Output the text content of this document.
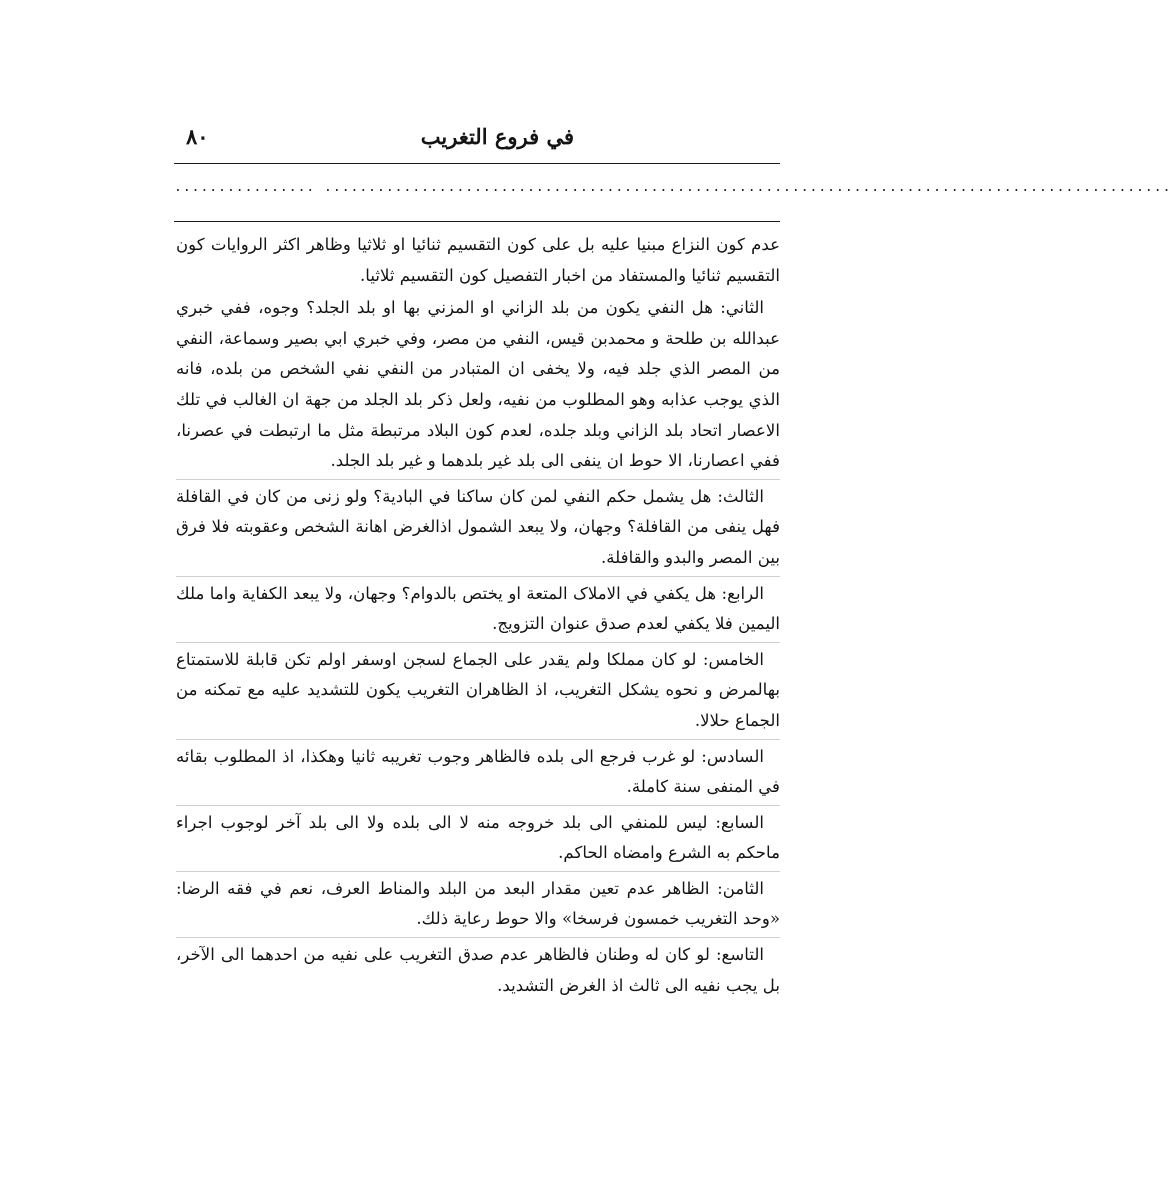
في فروع التغريب
٨٠
................ ................................................................................................

عدم كون النزاع مبنيا عليه بل على كون التقسيم ثنائيا او ثلاثيا وظاهر اكثر الروايات كون التقسيم ثنائيا والمستفاد من اخبار التفصيل كون التقسيم ثلاثيا.

الثاني: هل النفي يكون من بلد الزاني او المزني بها او بلد الجلد؟ وجوه، ففي خبري عبدالله بن طلحة و محمدبن قيس، النفي من مصر، وفي خبري ابي بصير وسماعة، النفي من المصر الذي جلد فيه، ولا يخفى ان المتبادر من النفي نفي الشخص من بلده، فانه الذي يوجب عذابه وهو المطلوب من نفيه، ولعل ذكر بلد الجلد من جهة ان الغالب في تلك الاعصار اتحاد بلد الزاني وبلد جلده، لعدم كون البلاد مرتبطة مثل ما ارتبطت في عصرنا، ففي اعصارنا، الا حوط ان ينفى الى بلد غير بلدهما و غير بلد الجلد.

الثالث: هل يشمل حكم النفي لمن كان ساكنا في البادية؟ ولو زنى من كان في القافلة فهل ينفى من القافلة؟ وجهان، ولا يبعد الشمول اذالغرض اهانة الشخص وعقوبته فلا فرق بين المصر والبدو والقافلة.

الرابع: هل يكفي في الاملاک المتعة او يختص بالدوام؟ وجهان، ولا يبعد الكفاية واما ملك اليمين فلا يكفي لعدم صدق عنوان التزويج.

الخامس: لو كان مملكا ولم يقدر على الجماع لسجن اوسفر اولم تكن قابلة للاستمتاع بهالمرض و نحوه يشكل التغريب، اذ الظاهران التغريب يكون للتشديد عليه مع تمكنه من الجماع حلالا.

السادس: لو غرب فرجع الى بلده فالظاهر وجوب تغريبه ثانيا وهكذا، اذ المطلوب بقائه في المنفى سنة كاملة.

السابع: ليس للمنفي الى بلد خروجه منه لا الى بلده ولا الى بلد آخر لوجوب اجراء ماحكم به الشرع وامضاه الحاكم.

الثامن: الظاهر عدم تعين مقدار البعد من البلد والمناط العرف، نعم في فقه الرضا: «وحد التغريب خمسون فرسخا» والا حوط رعاية ذلك.

التاسع: لو كان له وطنان فالظاهر عدم صدق التغريب على نفيه من احدهما الى الآخر، بل يجب نفيه الى ثالث اذ الغرض التشديد.
